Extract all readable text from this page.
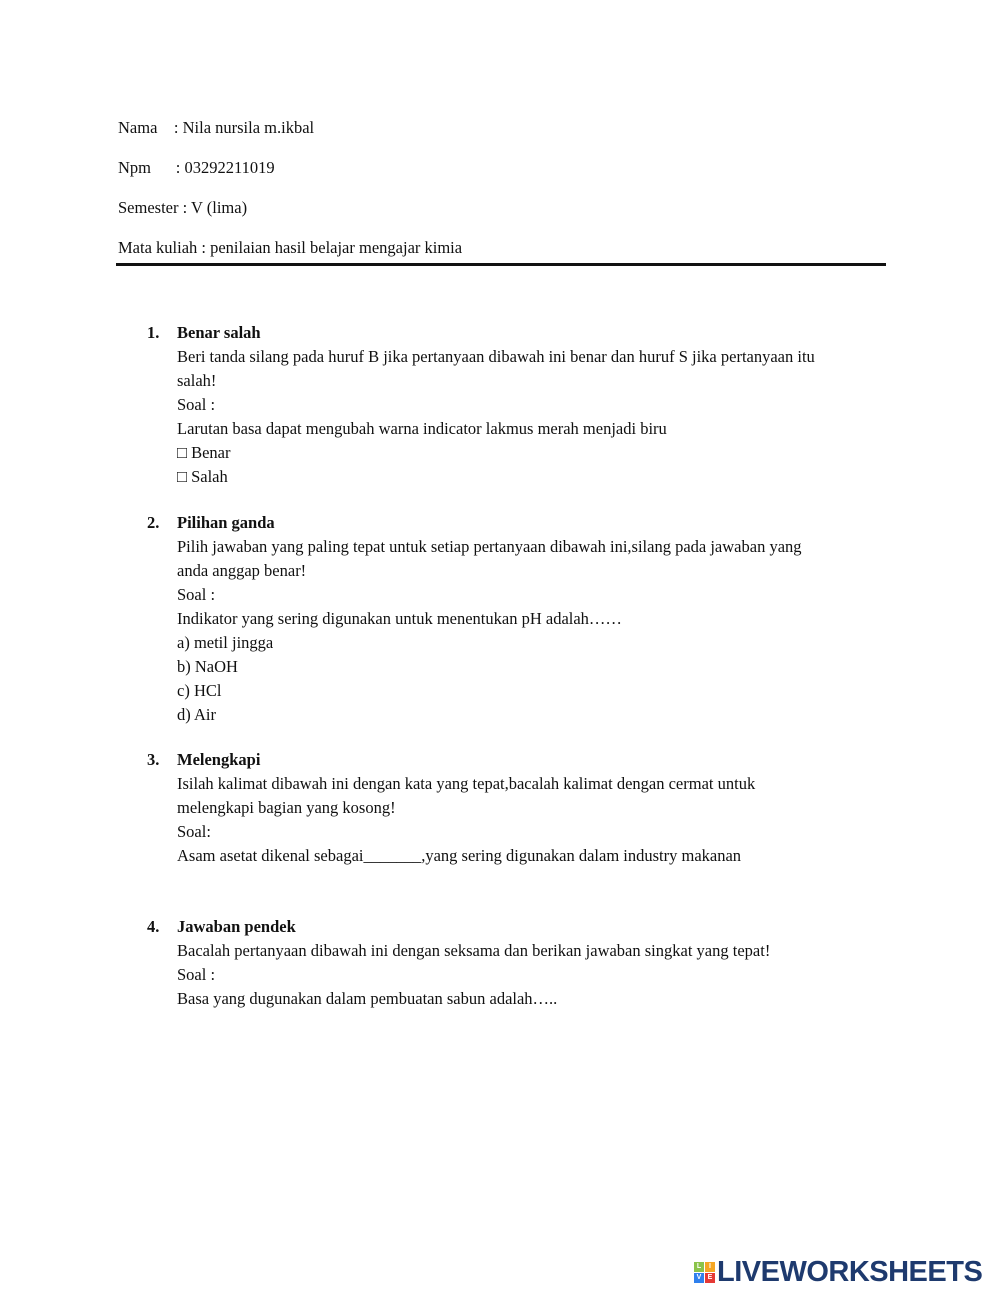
Nama    : Nila nursila m.ikbal
Npm      : 03292211019
Semester : V (lima)
Mata kuliah : penilaian hasil belajar mengajar kimia
1. Benar salah
Beri tanda silang pada huruf B jika pertanyaan dibawah ini benar dan huruf S jika pertanyaan itu
salah!
Soal :
Larutan basa dapat mengubah warna indicator lakmus merah menjadi biru
□ Benar
□ Salah
2. Pilihan ganda
Pilih jawaban yang paling tepat untuk setiap pertanyaan dibawah ini,silang pada jawaban yang
anda anggap benar!
Soal :
Indikator yang sering digunakan untuk menentukan pH adalah……
a) metil jingga
b) NaOH
c) HCl
d) Air
3. Melengkapi
Isilah kalimat dibawah ini dengan kata yang tepat,bacalah kalimat dengan cermat untuk
melengkapi bagian yang kosong!
Soal:
Asam asetat dikenal sebagai_______,yang sering digunakan dalam industry makanan
4. Jawaban pendek
Bacalah pertanyaan dibawah ini dengan seksama dan berikan jawaban singkat yang tepat!
Soal :
Basa yang dugunakan dalam pembuatan sabun adalah…..
L	I
V E LIVEWORKSHEETS
